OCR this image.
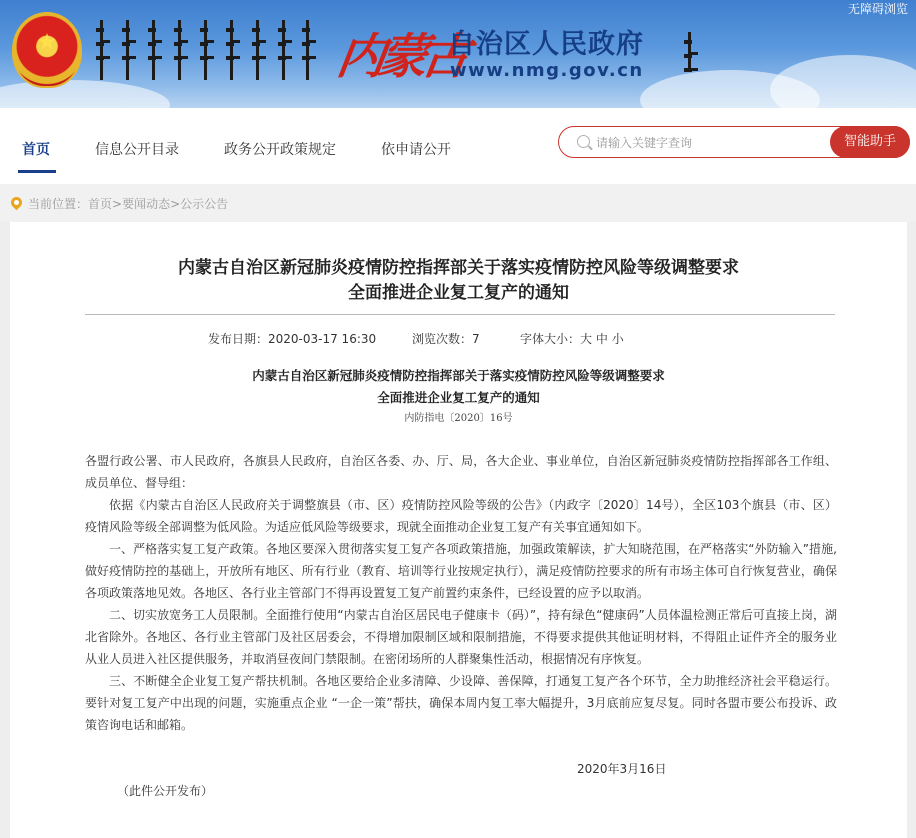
★	内蒙古
自治区人民政府
www.nmg.gov.cn
无障碍浏览
首页	信息公开目录	政务公开政策规定	依申请公开
请输入关键字查询
智能助手
当前位置：首页>要闻动态>公示公告
内蒙古自治区新冠肺炎疫情防控指挥部关于落实疫情防控风险等级调整要求
全面推进企业复工复产的通知
发布日期：2020-03-17 16:30	浏览次数：7	字体大小：大 中 小
内蒙古自治区新冠肺炎疫情防控指挥部关于落实疫情防控风险等级调整要求
全面推进企业复工复产的通知
内防指电〔2020〕16号

各盟行政公署、市人民政府，各旗县人民政府，自治区各委、办、厅、局，各大企业、事业单位，自治区新冠肺炎疫情防控指挥部各工作组、成员单位、督导组：

依据《内蒙古自治区人民政府关于调整旗县（市、区）疫情防控风险等级的公告》（内政字〔2020〕14号），全区103个旗县（市、区）疫情风险等级全部调整为低风险。为适应低风险等级要求，现就全面推动企业复工复产有关事宜通知如下。

一、严格落实复工复产政策。各地区要深入贯彻落实复工复产各项政策措施，加强政策解读，扩大知晓范围，在严格落实“外防输入”措施,做好疫情防控的基础上，开放所有地区、所有行业（教育、培训等行业按规定执行），满足疫情防控要求的所有市场主体可自行恢复营业，确保各项政策落地见效。各地区、各行业主管部门不得再设置复工复产前置约束条件，已经设置的应予以取消。

二、切实放宽务工人员限制。全面推行使用“内蒙古自治区居民电子健康卡（码）”，持有绿色“健康码”人员体温检测正常后可直接上岗，湖北省除外。各地区、各行业主管部门及社区居委会，不得增加限制区域和限制措施，不得要求提供其他证明材料，不得阻止证件齐全的服务业从业人员进入社区提供服务，并取消昼夜间门禁限制。在密闭场所的人群聚集性活动，根据情况有序恢复。

三、不断健全企业复工复产帮扶机制。各地区要给企业多清障、少设障、善保障，打通复工复产各个环节，全力助推经济社会平稳运行。要针对复工复产中出现的问题，实施重点企业 “一企一策”帮扶，确保本周内复工率大幅提升，3月底前应复尽复。同时各盟市要公布投诉、政策咨询电话和邮箱。

2020年3月16日
（此件公开发布）
